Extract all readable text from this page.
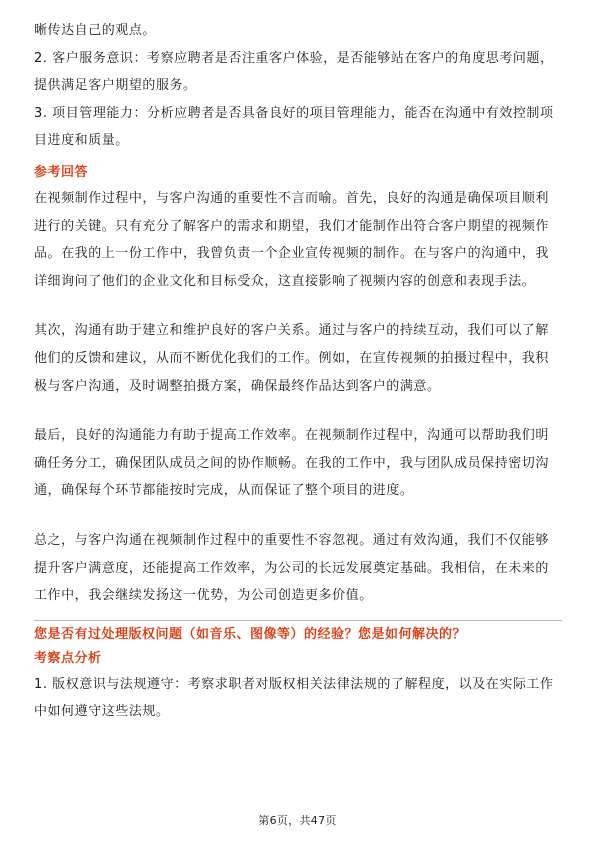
晰传达自己的观点。

2. 客户服务意识：考察应聘者是否注重客户体验，是否能够站在客户的角度思考问题，提供满足客户期望的服务。

3. 项目管理能力：分析应聘者是否具备良好的项目管理能力，能否在沟通中有效控制项目进度和质量。

参考回答

在视频制作过程中，与客户沟通的重要性不言而喻。首先，良好的沟通是确保项目顺利进行的关键。只有充分了解客户的需求和期望，我们才能制作出符合客户期望的视频作品。在我的上一份工作中，我曾负责一个企业宣传视频的制作。在与客户的沟通中，我详细询问了他们的企业文化和目标受众，这直接影响了视频内容的创意和表现手法。

其次，沟通有助于建立和维护良好的客户关系。通过与客户的持续互动，我们可以了解他们的反馈和建议，从而不断优化我们的工作。例如，在宣传视频的拍摄过程中，我积极与客户沟通，及时调整拍摄方案，确保最终作品达到客户的满意。

最后，良好的沟通能力有助于提高工作效率。在视频制作过程中，沟通可以帮助我们明确任务分工，确保团队成员之间的协作顺畅。在我的工作中，我与团队成员保持密切沟通，确保每个环节都能按时完成，从而保证了整个项目的进度。

总之，与客户沟通在视频制作过程中的重要性不容忽视。通过有效沟通，我们不仅能够提升客户满意度，还能提高工作效率，为公司的长远发展奠定基础。我相信，在未来的工作中，我会继续发扬这一优势，为公司创造更多价值。

您是否有过处理版权问题（如音乐、图像等）的经验？您是如何解决的？
考察点分析

1. 版权意识与法规遵守：考察求职者对版权相关法律法规的了解程度，以及在实际工作中如何遵守这些法规。

第6页，共47页
